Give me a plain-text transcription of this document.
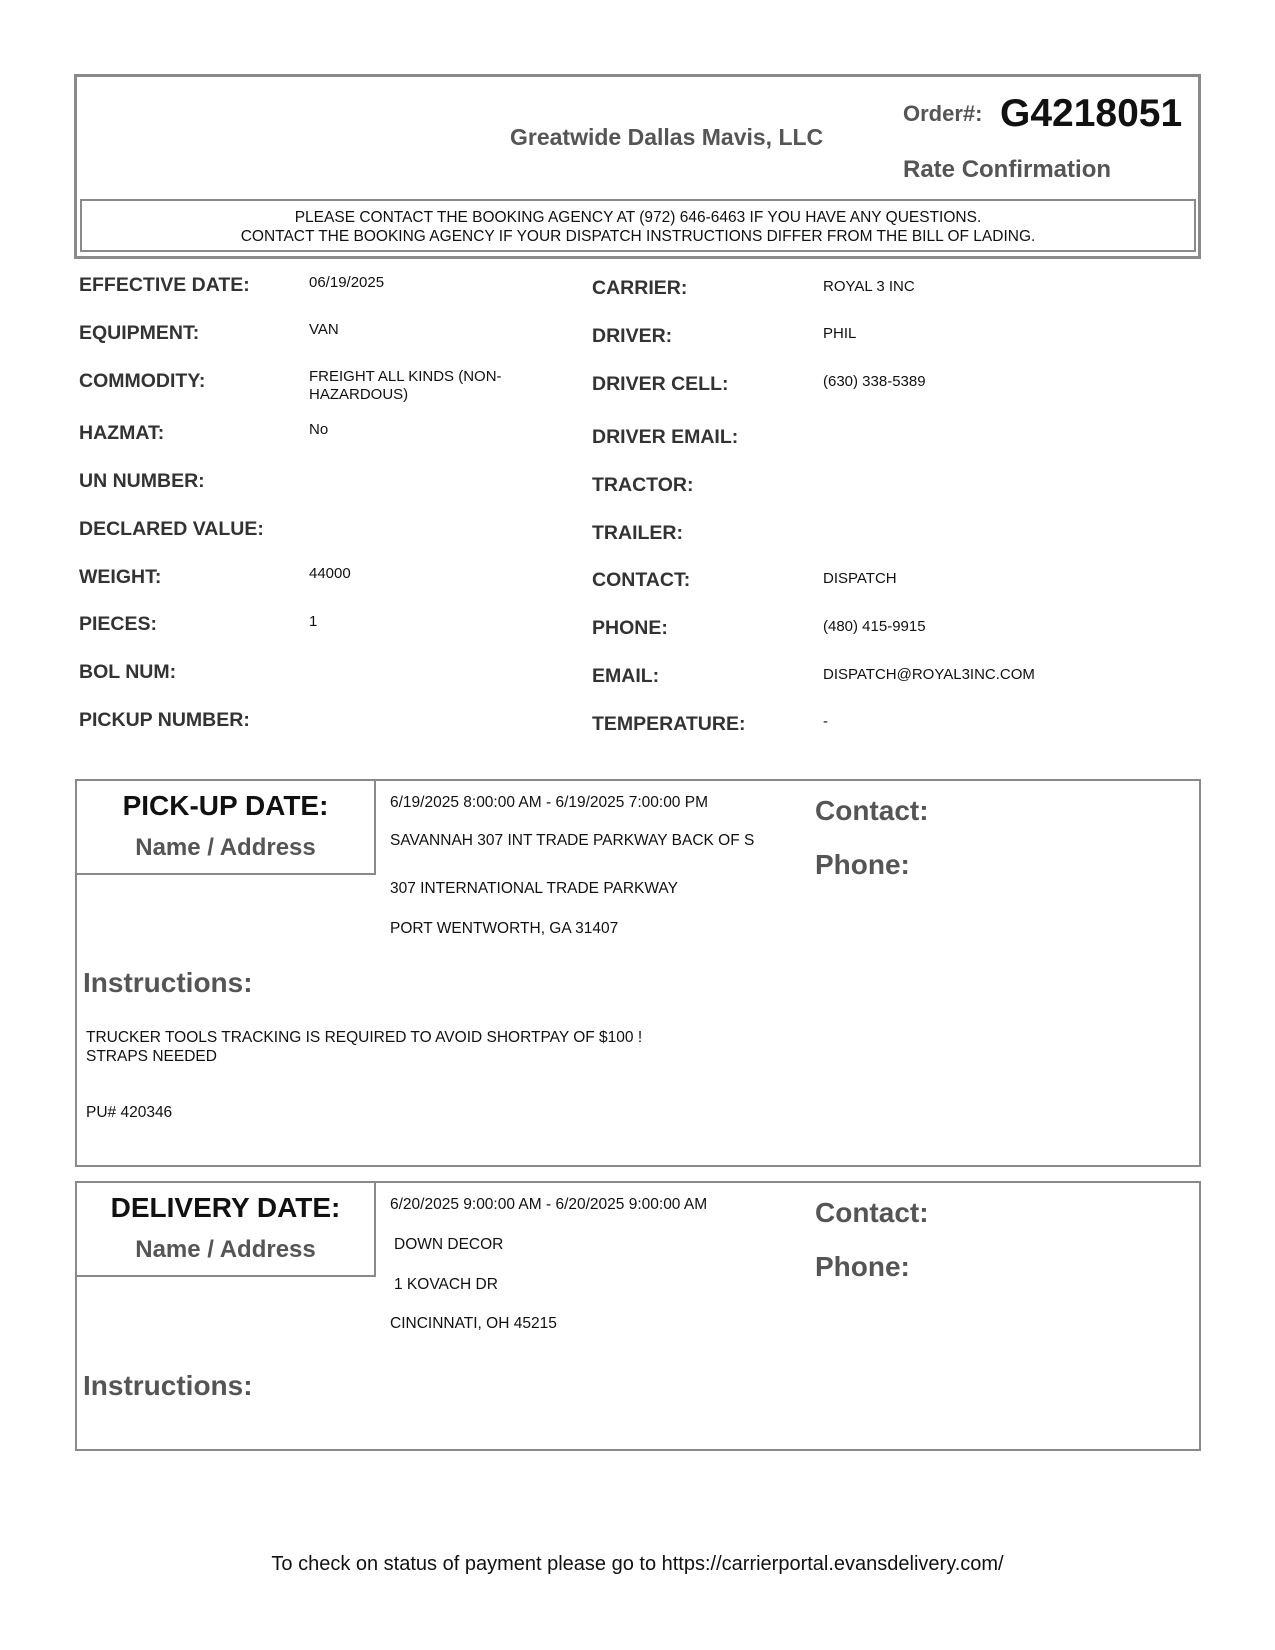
Greatwide Dallas Mavis, LLC
Order#: G4218051
Rate Confirmation
PLEASE CONTACT THE BOOKING AGENCY AT (972) 646-6463 IF YOU HAVE ANY QUESTIONS.
CONTACT THE BOOKING AGENCY IF YOUR DISPATCH INSTRUCTIONS DIFFER FROM THE BILL OF LADING.
EFFECTIVE DATE:	06/19/2025
EQUIPMENT:	VAN
COMMODITY:	FREIGHT ALL KINDS (NON-HAZARDOUS)
HAZMAT:	No
UN NUMBER:
DECLARED VALUE:
WEIGHT:	44000
PIECES:	1
BOL NUM:
PICKUP NUMBER:
CARRIER:	ROYAL 3 INC
DRIVER:	PHIL
DRIVER CELL:	(630) 338-5389
DRIVER EMAIL:
TRACTOR:
TRAILER:
CONTACT:	DISPATCH
PHONE:	(480) 415-9915
EMAIL:	DISPATCH@ROYAL3INC.COM
TEMPERATURE:	-
PICK-UP DATE:
Name / Address
6/19/2025 8:00:00 AM - 6/19/2025 7:00:00 PM
SAVANNAH 307 INT TRADE PARKWAY BACK OF S
307 INTERNATIONAL TRADE PARKWAY
PORT WENTWORTH, GA 31407
Contact:
Phone:
Instructions:
TRUCKER TOOLS TRACKING IS REQUIRED TO AVOID SHORTPAY OF $100 !
STRAPS NEEDED
PU# 420346
DELIVERY DATE:
Name / Address
6/20/2025 9:00:00 AM - 6/20/2025 9:00:00 AM
DOWN DECOR
1 KOVACH DR
CINCINNATI, OH 45215
Contact:
Phone:
Instructions:
To check on status of payment please go to https://carrierportal.evansdelivery.com/
